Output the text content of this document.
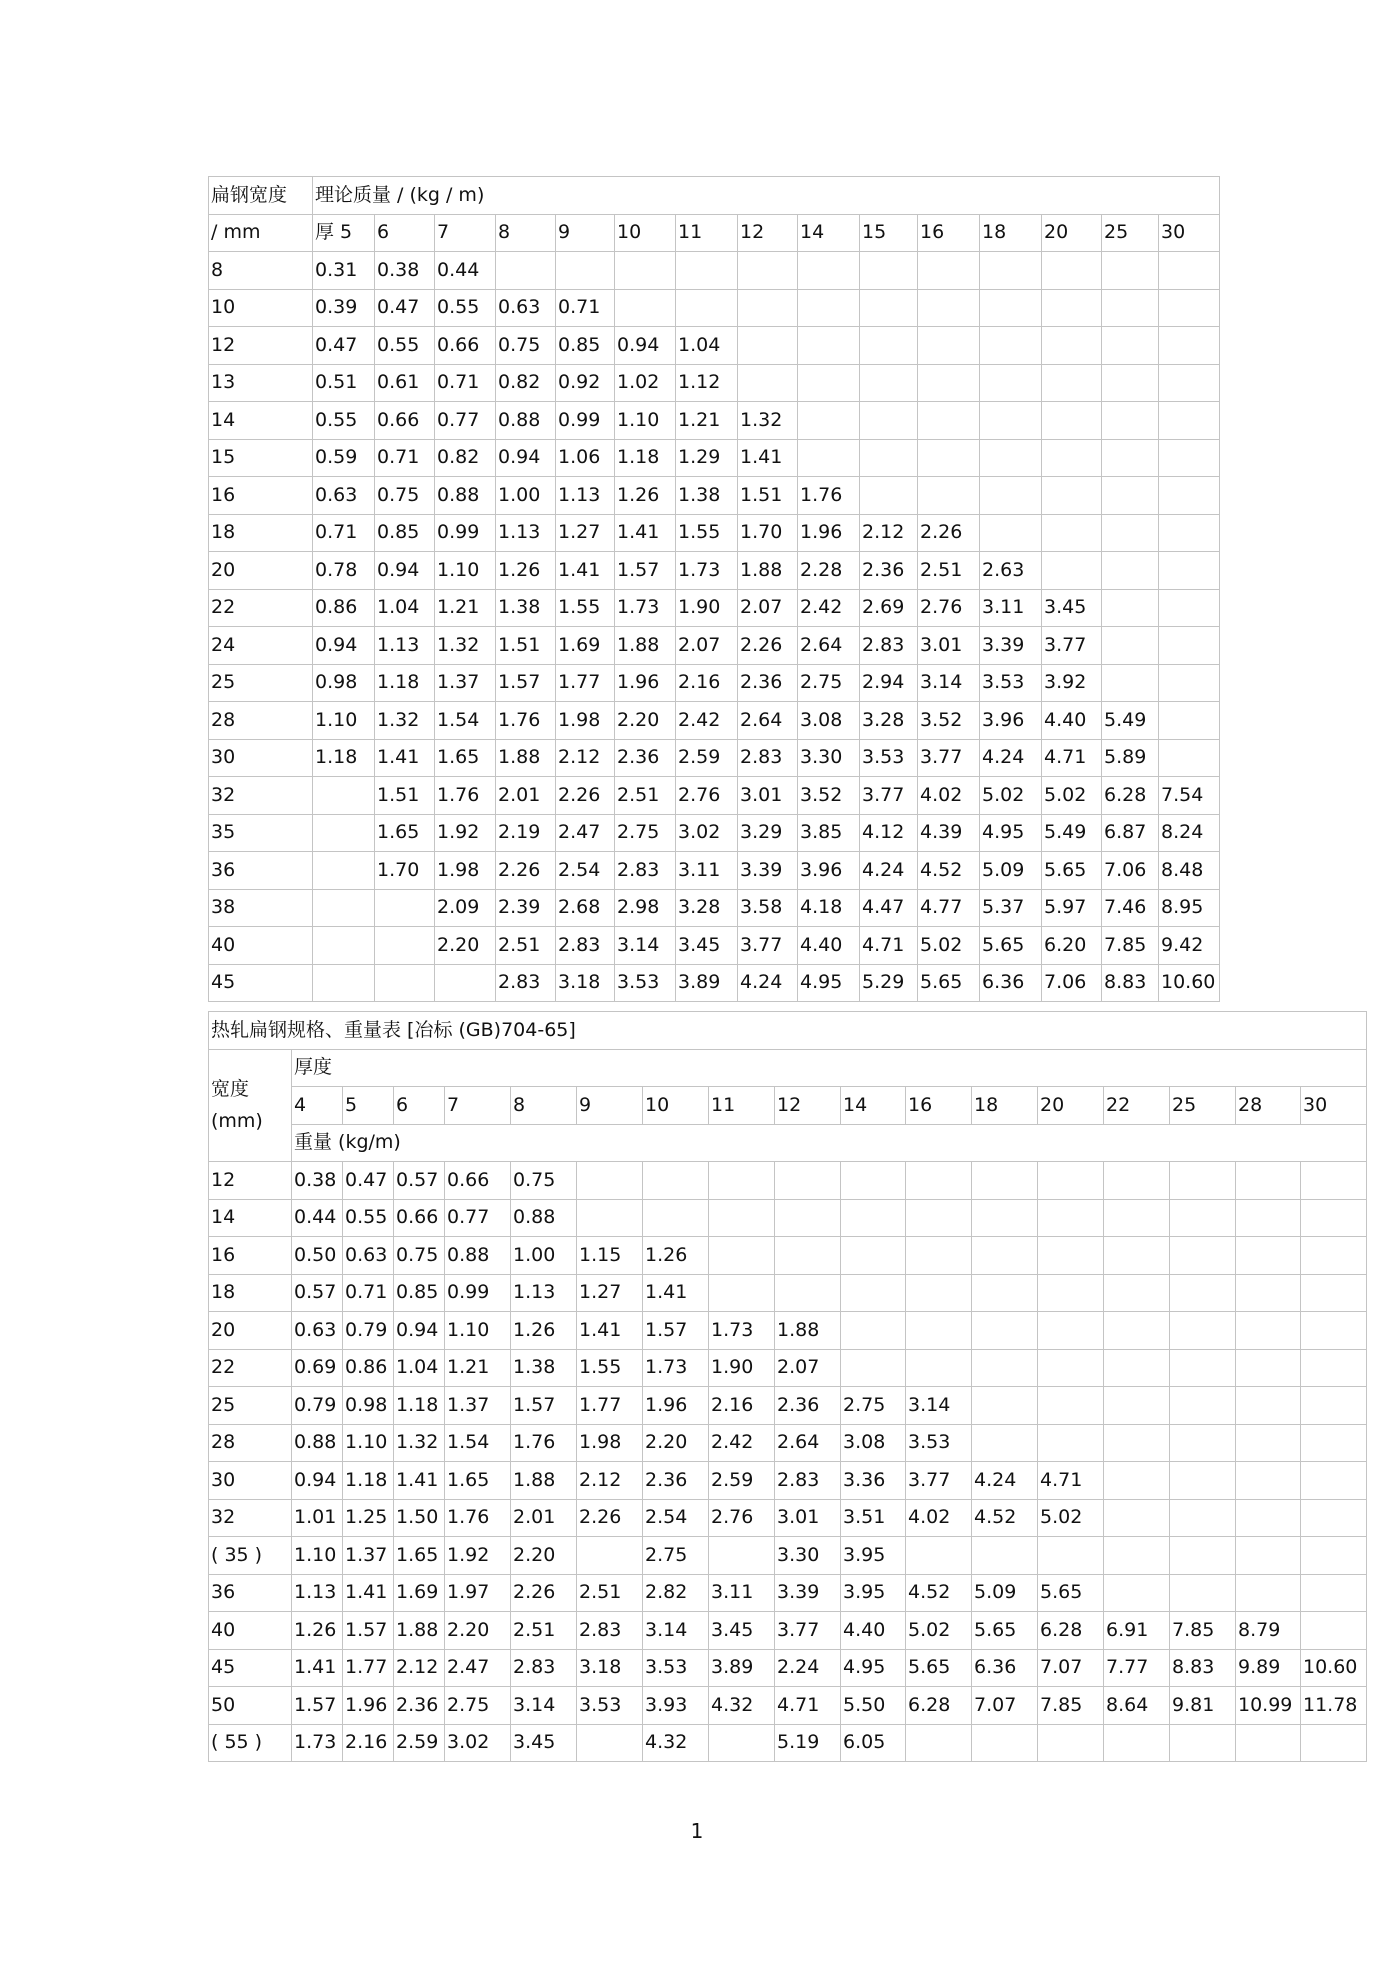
扁钢宽度	理论质量 / (kg / m)														
/ mm	厚 5	6	7	8	9	10	11	12	14	15	16	18	20	25	30
8	0.31	0.38	0.44												
10	0.39	0.47	0.55	0.63	0.71										
12	0.47	0.55	0.66	0.75	0.85	0.94	1.04								
13	0.51	0.61	0.71	0.82	0.92	1.02	1.12								
14	0.55	0.66	0.77	0.88	0.99	1.10	1.21	1.32							
15	0.59	0.71	0.82	0.94	1.06	1.18	1.29	1.41							
16	0.63	0.75	0.88	1.00	1.13	1.26	1.38	1.51	1.76						
18	0.71	0.85	0.99	1.13	1.27	1.41	1.55	1.70	1.96	2.12	2.26				
20	0.78	0.94	1.10	1.26	1.41	1.57	1.73	1.88	2.28	2.36	2.51	2.63			
22	0.86	1.04	1.21	1.38	1.55	1.73	1.90	2.07	2.42	2.69	2.76	3.11	3.45		
24	0.94	1.13	1.32	1.51	1.69	1.88	2.07	2.26	2.64	2.83	3.01	3.39	3.77		
25	0.98	1.18	1.37	1.57	1.77	1.96	2.16	2.36	2.75	2.94	3.14	3.53	3.92		
28	1.10	1.32	1.54	1.76	1.98	2.20	2.42	2.64	3.08	3.28	3.52	3.96	4.40	5.49	
30	1.18	1.41	1.65	1.88	2.12	2.36	2.59	2.83	3.30	3.53	3.77	4.24	4.71	5.89	
32		1.51	1.76	2.01	2.26	2.51	2.76	3.01	3.52	3.77	4.02	5.02	5.02	6.28	7.54
35		1.65	1.92	2.19	2.47	2.75	3.02	3.29	3.85	4.12	4.39	4.95	5.49	6.87	8.24
36		1.70	1.98	2.26	2.54	2.83	3.11	3.39	3.96	4.24	4.52	5.09	5.65	7.06	8.48
38			2.09	2.39	2.68	2.98	3.28	3.58	4.18	4.47	4.77	5.37	5.97	7.46	8.95
40			2.20	2.51	2.83	3.14	3.45	3.77	4.40	4.71	5.02	5.65	6.20	7.85	9.42
45				2.83	3.18	3.53	3.89	4.24	4.95	5.29	5.65	6.36	7.06	8.83	10.60
热轧扁钢规格、重量表 [冶标 (GB)704-65]																	
宽度
(mm)	厚度																
	4	5	6	7	8	9	10	11	12	14	16	18	20	22	25	28	30
	重量 (kg/m)																
12	0.38	0.47	0.57	0.66	0.75												
14	0.44	0.55	0.66	0.77	0.88												
16	0.50	0.63	0.75	0.88	1.00	1.15	1.26										
18	0.57	0.71	0.85	0.99	1.13	1.27	1.41										
20	0.63	0.79	0.94	1.10	1.26	1.41	1.57	1.73	1.88								
22	0.69	0.86	1.04	1.21	1.38	1.55	1.73	1.90	2.07								
25	0.79	0.98	1.18	1.37	1.57	1.77	1.96	2.16	2.36	2.75	3.14						
28	0.88	1.10	1.32	1.54	1.76	1.98	2.20	2.42	2.64	3.08	3.53						
30	0.94	1.18	1.41	1.65	1.88	2.12	2.36	2.59	2.83	3.36	3.77	4.24	4.71				
32	1.01	1.25	1.50	1.76	2.01	2.26	2.54	2.76	3.01	3.51	4.02	4.52	5.02				
( 35 )	1.10	1.37	1.65	1.92	2.20		2.75		3.30	3.95							
36	1.13	1.41	1.69	1.97	2.26	2.51	2.82	3.11	3.39	3.95	4.52	5.09	5.65				
40	1.26	1.57	1.88	2.20	2.51	2.83	3.14	3.45	3.77	4.40	5.02	5.65	6.28	6.91	7.85	8.79	
45	1.41	1.77	2.12	2.47	2.83	3.18	3.53	3.89	2.24	4.95	5.65	6.36	7.07	7.77	8.83	9.89	10.60
50	1.57	1.96	2.36	2.75	3.14	3.53	3.93	4.32	4.71	5.50	6.28	7.07	7.85	8.64	9.81	10.99	11.78
( 55 )	1.73	2.16	2.59	3.02	3.45		4.32		5.19	6.05							
1
